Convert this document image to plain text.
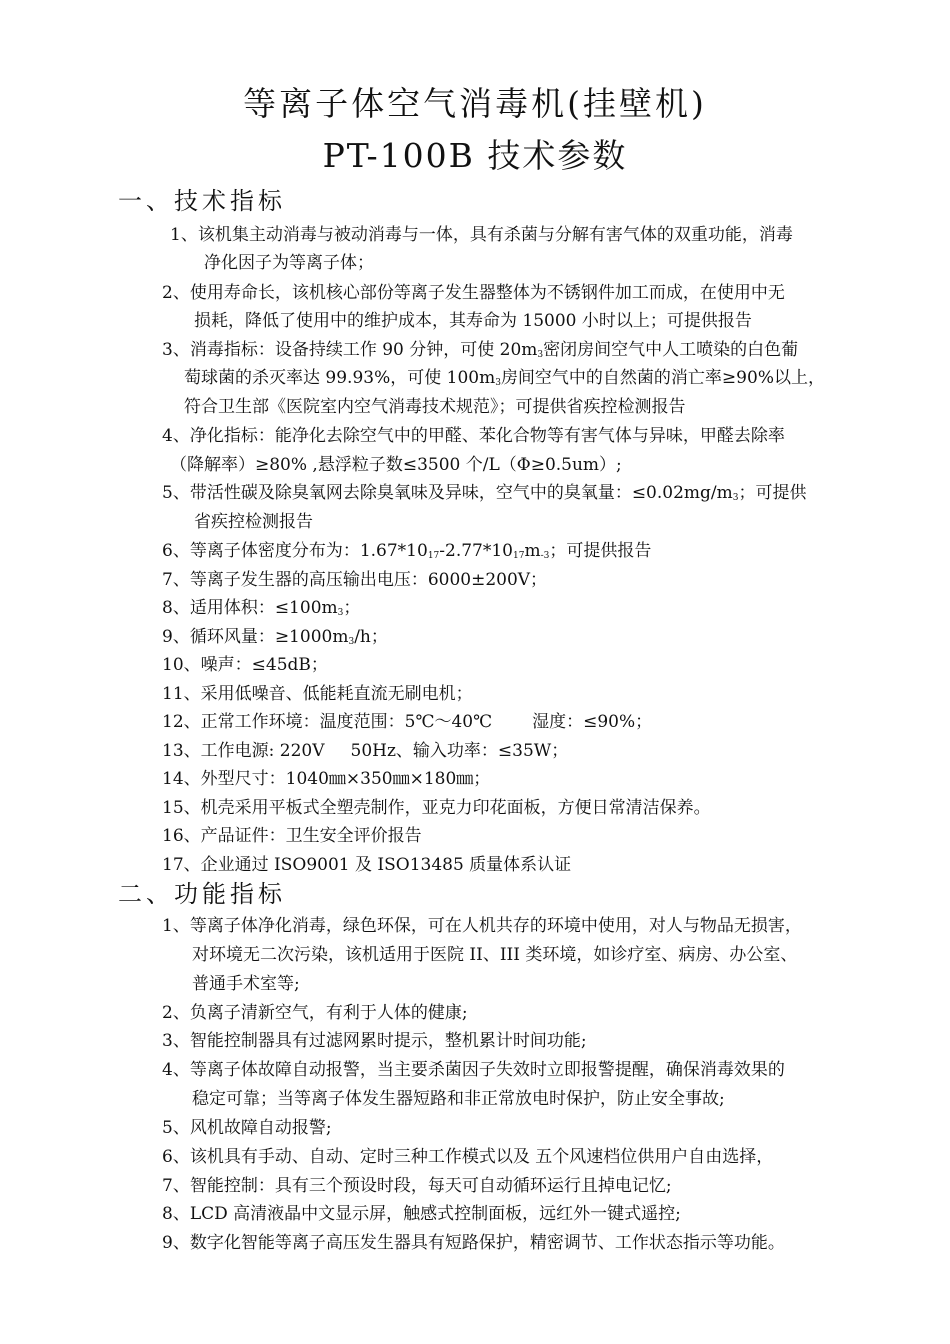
等离子体空气消毒机(挂壁机)
PT-100B 技术参数
一、技术指标
1、该机集主动消毒与被动消毒与一体，具有杀菌与分解有害气体的双重功能，消毒
净化因子为等离子体；
2、使用寿命长，该机核心部份等离子发生器整体为不锈钢件加工而成，在使用中无
损耗，降低了使用中的维护成本，其寿命为 15000 小时以上；可提供报告
3、消毒指标：设备持续工作 90 分钟，可使 $20m_3$密闭房间空气中人工喷染的白色葡
萄球菌的杀灭率达 99.93%，可使 $100m_3$房间空气中的自然菌的消亡率≥90%以上，
符合卫生部《医院室内空气消毒技术规范》；可提供省疾控检测报告
4、净化指标：能净化去除空气中的甲醛、苯化合物等有害气体与异味，甲醛去除率
（降解率）≥80% ,悬浮粒子数≤3500 个/L（Φ≥0.5um）;
5、带活性碳及除臭氧网去除臭氧味及异味，空气中的臭氧量：$\le 0.02mg/m_3$；可提供
省疾控检测报告
6、等离子体密度分布为：$1.67*10_{17}-2.77*10_{17}m_{-3}$；可提供报告
7、等离子发生器的高压输出电压：6000±200V；
8、适用体积：$\le 100m_3$；
9、循环风量：$\ge 1000m_3/h$；
10、噪声：≤45dB；
11、采用低噪音、低能耗直流无刷电机；
12、正常工作环境：温度范围：5℃～40℃ 湿度：≤90%；
13、工作电源: 220V 50Hz、输入功率：≤35W；
14、外型尺寸：1040㎜×350㎜×180㎜；
15、机壳采用平板式全塑壳制作，亚克力印花面板，方便日常清洁保养。
16、产品证件：卫生安全评价报告
17、企业通过 ISO9001 及 ISO13485 质量体系认证
二、功能指标
1、等离子体净化消毒，绿色环保，可在人机共存的环境中使用，对人与物品无损害，
对环境无二次污染，该机适用于医院 II、III 类环境，如诊疗室、病房、办公室、
普通手术室等;
2、负离子清新空气，有利于人体的健康;
3、智能控制器具有过滤网累时提示，整机累计时间功能;
4、等离子体故障自动报警，当主要杀菌因子失效时立即报警提醒，确保消毒效果的
稳定可靠；当等离子体发生器短路和非正常放电时保护，防止安全事故;
5、风机故障自动报警;
6、该机具有手动、自动、定时三种工作模式以及 五个风速档位供用户自由选择，
7、智能控制：具有三个预设时段，每天可自动循环运行且掉电记忆;
8、LCD 高清液晶中文显示屏，触感式控制面板，远红外一键式遥控;
9、数字化智能等离子高压发生器具有短路保护，精密调节、工作状态指示等功能。
